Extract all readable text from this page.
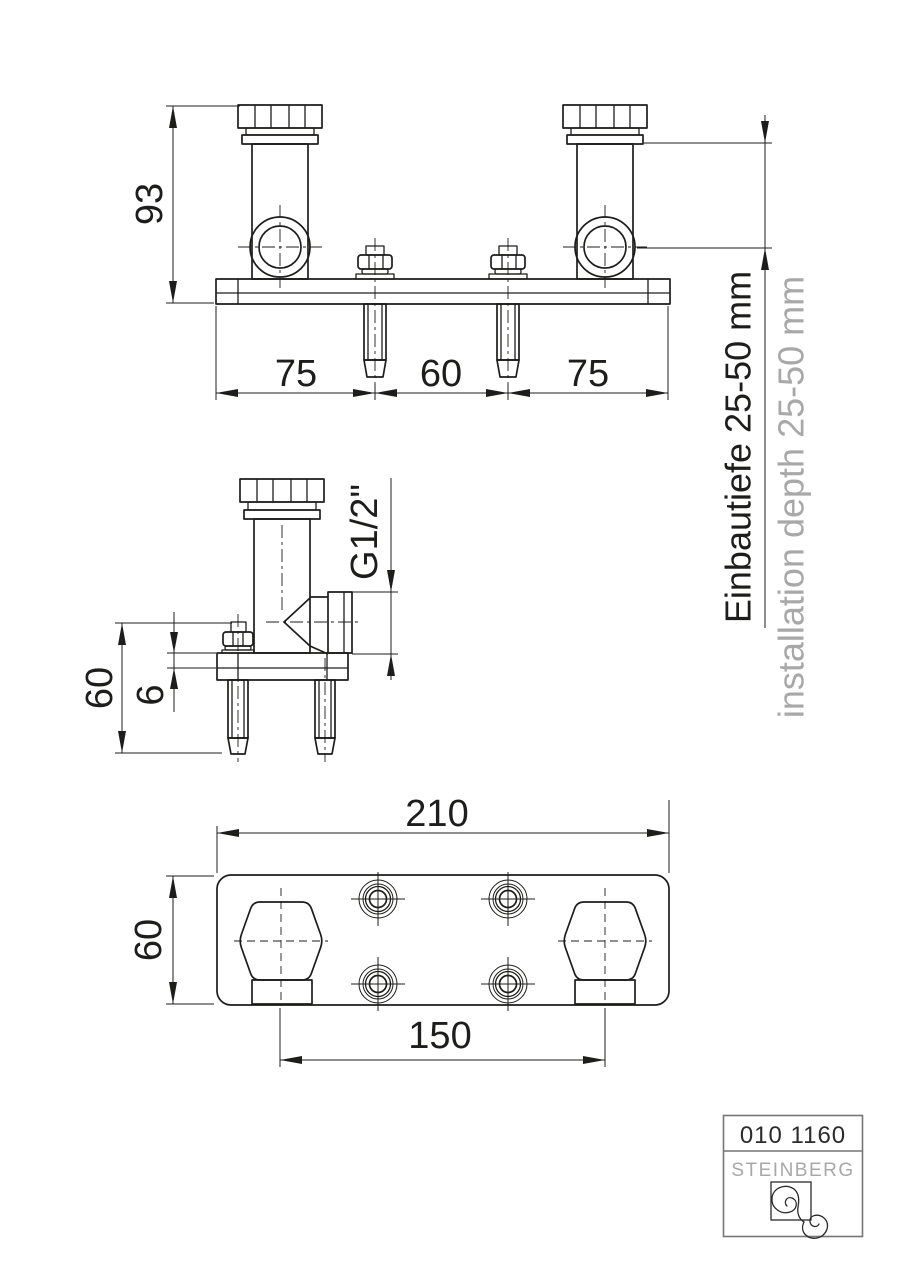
93
75	60	75	Einbautiefe 25-50 mm installation depth 25-50 mm
60 6
G1/2"
210
60
150
010 1160
STEINBERG
